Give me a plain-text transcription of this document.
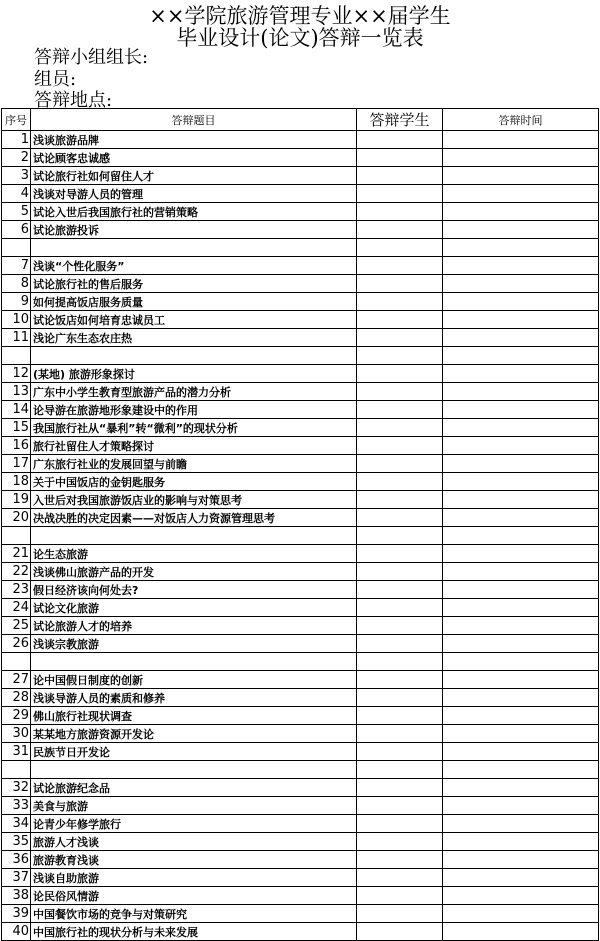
××学院旅游管理专业××届学生
毕业设计(论文)答辩一览表
答辩小组组长:
组员:
答辩地点:
序号	答辩题目	答辩学生	答辩时间
1	浅谈旅游品牌		
2	试论顾客忠诚感		
3	试论旅行社如何留住人才		
4	浅谈对导游人员的管理		
5	试论入世后我国旅行社的营销策略		
6	试论旅游投诉		

7	浅谈“个性化服务”		
8	试论旅行社的售后服务		
9	如何提高饭店服务质量		
10	试论饭店如何培育忠诚员工		
11	浅论广东生态农庄热		

12	(某地) 旅游形象探讨		
13	广东中小学生教育型旅游产品的潜力分析		
14	论导游在旅游地形象建设中的作用		
15	我国旅行社从“暴利”转“微利”的现状分析		
16	旅行社留住人才策略探讨		
17	广东旅行社业的发展回望与前瞻		
18	关于中国饭店的金钥匙服务		
19	入世后对我国旅游饭店业的影响与对策思考		
20	决战决胜的决定因素——对饭店人力资源管理思考		

21	论生态旅游		
22	浅谈佛山旅游产品的开发		
23	假日经济该向何处去?		
24	试论文化旅游		
25	试论旅游人才的培养		
26	浅谈宗教旅游		

27	论中国假日制度的创新		
28	浅谈导游人员的素质和修养		
29	佛山旅行社现状调查		
30	某某地方旅游资源开发论		
31	民族节日开发论		

32	试论旅游纪念品		
33	美食与旅游		
34	论青少年修学旅行		
35	旅游人才浅谈		
36	旅游教育浅谈		
37	浅谈自助旅游		
38	论民俗风情游		
39	中国餐饮市场的竞争与对策研究		
40	中国旅行社的现状分析与未来发展		
